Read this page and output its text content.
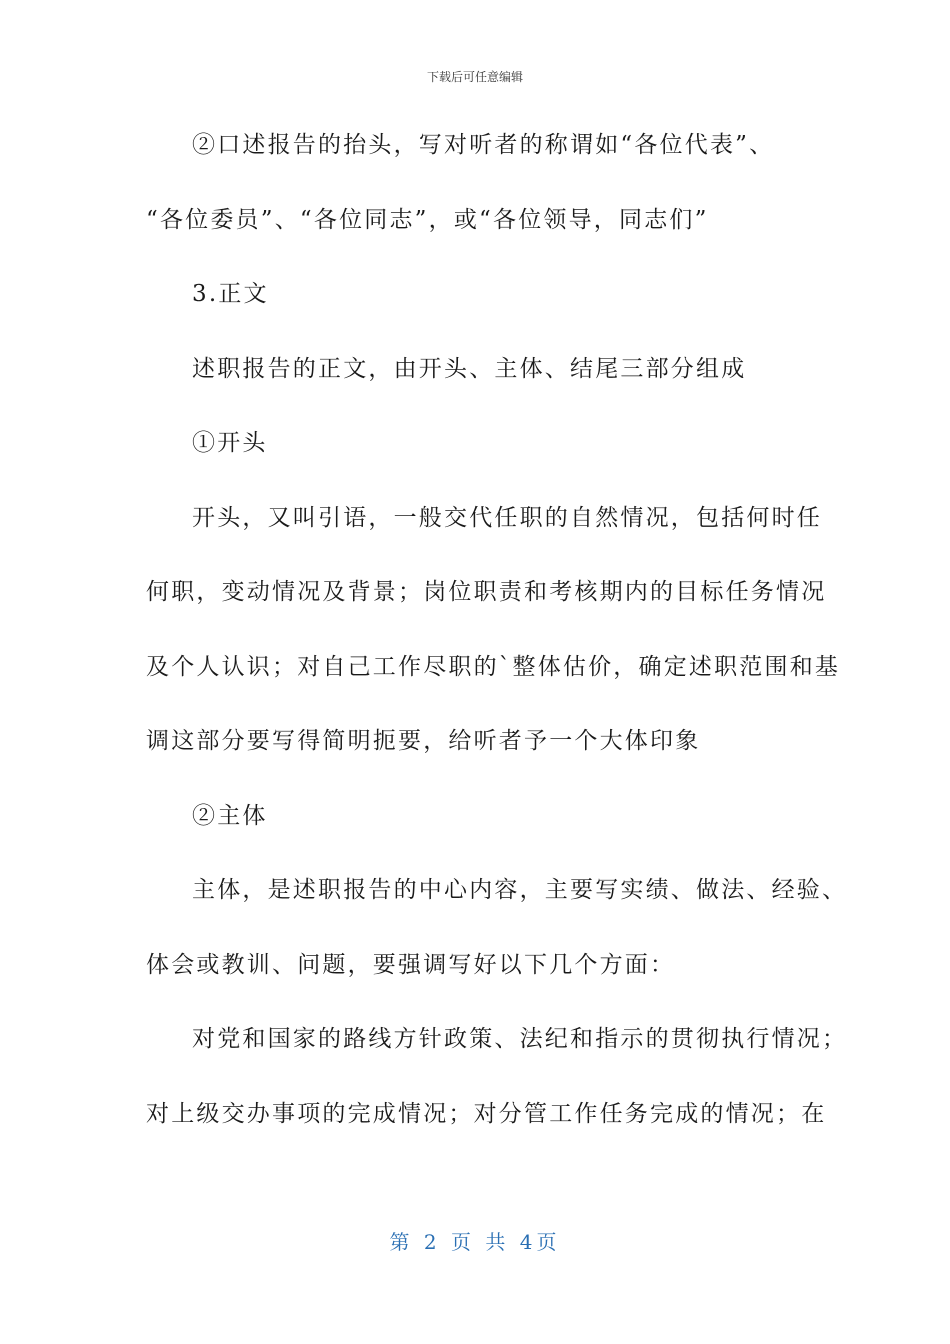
下载后可任意编辑
②口述报告的抬头，写对听者的称谓如“各位代表”、
“各位委员”、“各位同志”，或“各位领导，同志们”
3.正文
述职报告的正文，由开头、主体、结尾三部分组成
①开头
开头，又叫引语，一般交代任职的自然情况，包括何时任
何职，变动情况及背景；岗位职责和考核期内的目标任务情况
及个人认识；对自己工作尽职的`整体估价，确定述职范围和基
调这部分要写得简明扼要，给听者予一个大体印象
②主体
主体，是述职报告的中心内容，主要写实绩、做法、经验、
体会或教训、问题，要强调写好以下几个方面：
对党和国家的路线方针政策、法纪和指示的贯彻执行情况；
对上级交办事项的完成情况；对分管工作任务完成的情况；在
第 2 页 共 4页
